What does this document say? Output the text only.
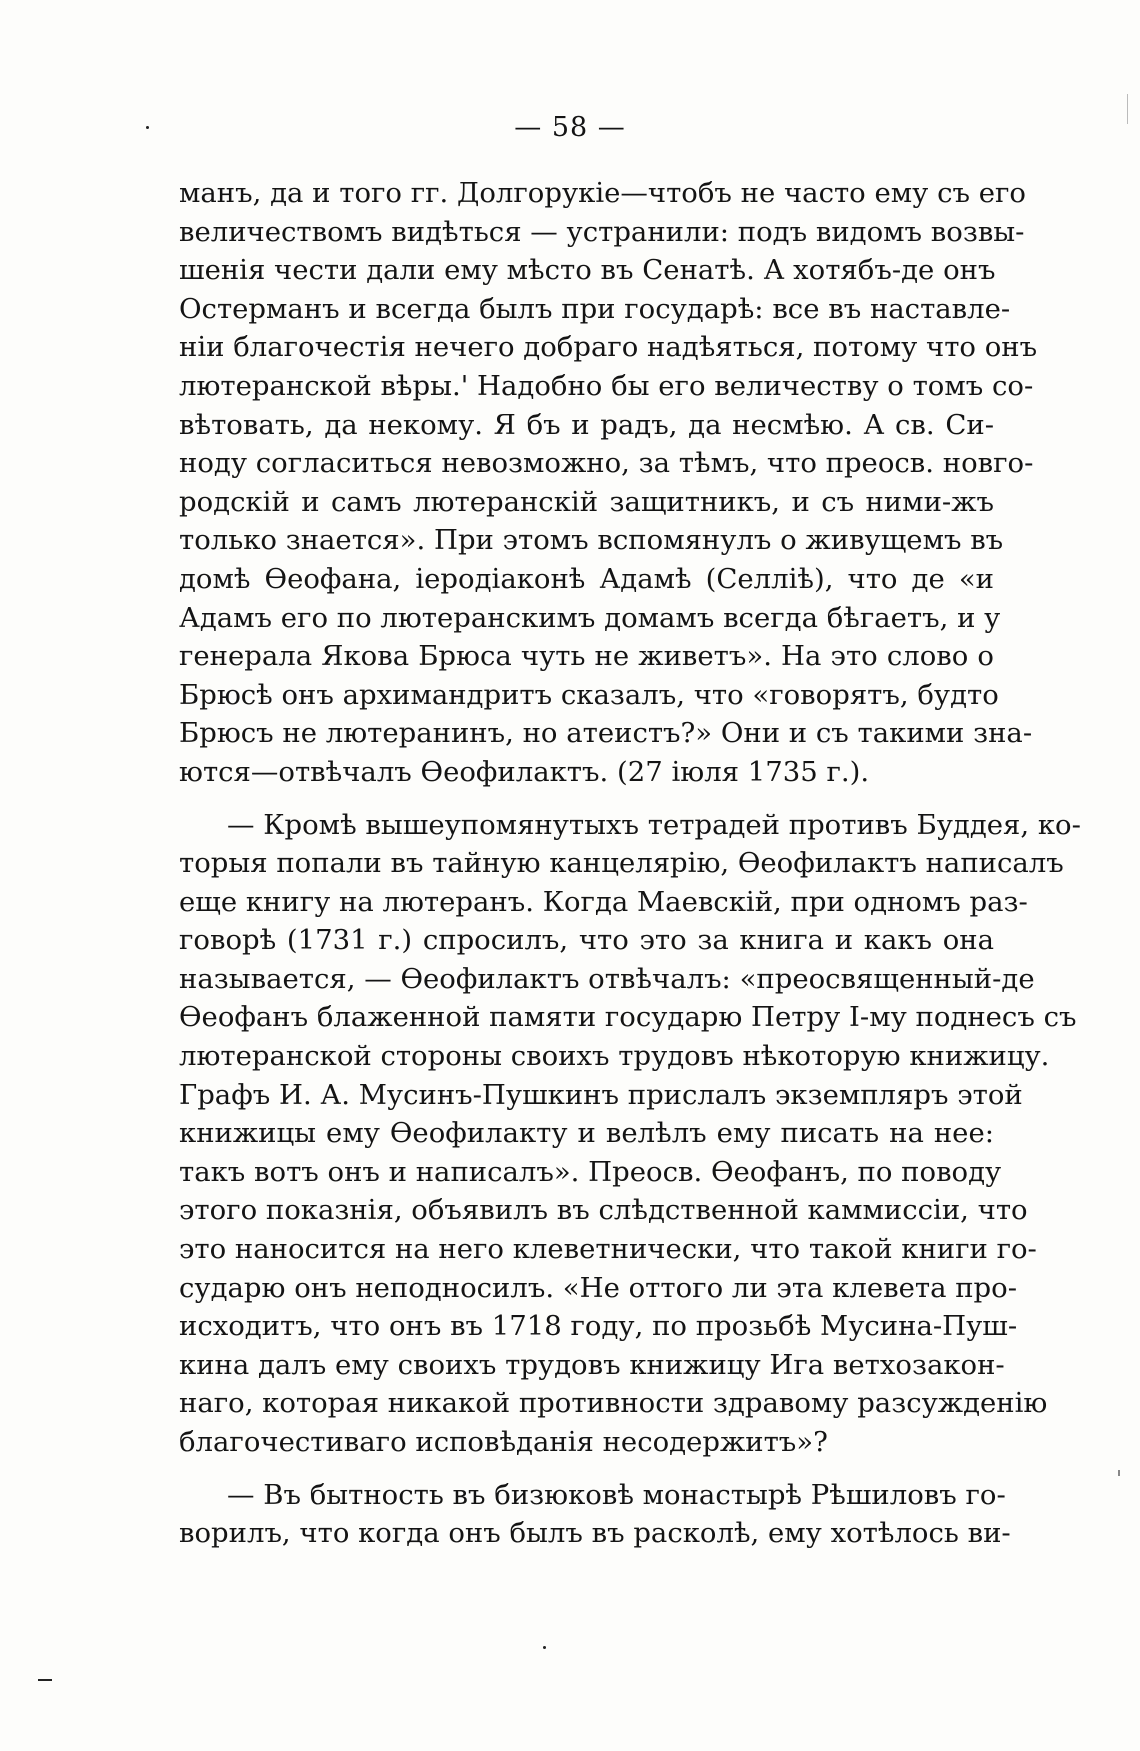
— 58 —
манъ, да и того гг. Долгорукіе—чтобъ не часто ему съ его
величествомъ видѣться — устранили: подъ видомъ возвы-
шенія чести дали ему мѣсто въ Сенатѣ. А хотябъ-де онъ
Остерманъ и всегда былъ при государѣ: все въ наставле-
ніи благочестія нечего добраго надѣяться, потому что онъ
лютеранской вѣры.' Надобно бы его величеству о томъ со-
вѣтовать, да некому. Я бъ и радъ, да несмѣю. А св. Си-
ноду согласиться невозможно, за тѣмъ, что преосв. новго-
родскій и самъ лютеранскій защитникъ, и съ ними-жъ
только знается». При этомъ вспомянулъ о живущемъ въ
домѣ Өеофана, іеродіаконѣ Адамѣ (Селліѣ), что де «и
Адамъ его по лютеранскимъ домамъ всегда бѣгаетъ, и у
генерала Якова Брюса чуть не живетъ». На это слово о
Брюсѣ онъ архимандритъ сказалъ, что «говорятъ, будто
Брюсъ не лютеранинъ, но атеистъ?» Они и съ такими зна-
ются—отвѣчалъ Өеофилактъ. (27 іюля 1735 г.).
— Кромѣ вышеупомянутыхъ тетрадей противъ Буддея, ко-
торыя попали въ тайную канцелярію, Өеофилактъ написалъ
еще книгу на лютеранъ. Когда Маевскій, при одномъ раз-
говорѣ (1731 г.) спросилъ, что это за книга и какъ она
называется, — Өеофилактъ отвѣчалъ: «преосвященный-де
Өеофанъ блаженной памяти государю Петру І-му поднесъ съ
лютеранской стороны своихъ трудовъ нѣкоторую книжицу.
Графъ И. А. Мусинъ-Пушкинъ прислалъ экземпляръ этой
книжицы ему Өеофилакту и велѣлъ ему писать на нее:
такъ вотъ онъ и написалъ». Преосв. Өеофанъ, по поводу
этого показнія, объявилъ въ слѣдственной каммиссіи, что
это наносится на него клеветнически, что такой книги го-
сударю онъ неподносилъ. «Не оттого ли эта клевета про-
исходитъ, что онъ въ 1718 году, по прозьбѣ Мусина-Пуш-
кина далъ ему своихъ трудовъ книжицу Ига ветхозакон-
наго, которая никакой противности здравому разсужденію
благочестиваго исповѣданія несодержитъ»?
— Въ бытность въ бизюковѣ монастырѣ Рѣшиловъ го-
ворилъ, что когда онъ былъ въ расколѣ, ему хотѣлось ви-
